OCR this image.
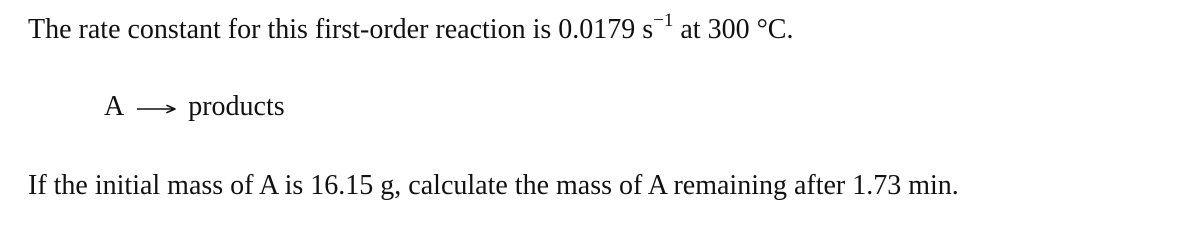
The rate constant for this first-order reaction is 0.0179 $s^{-1}$ at 300 °C.
A products
If the initial mass of A is 16.15 g, calculate the mass of A remaining after 1.73 min.
